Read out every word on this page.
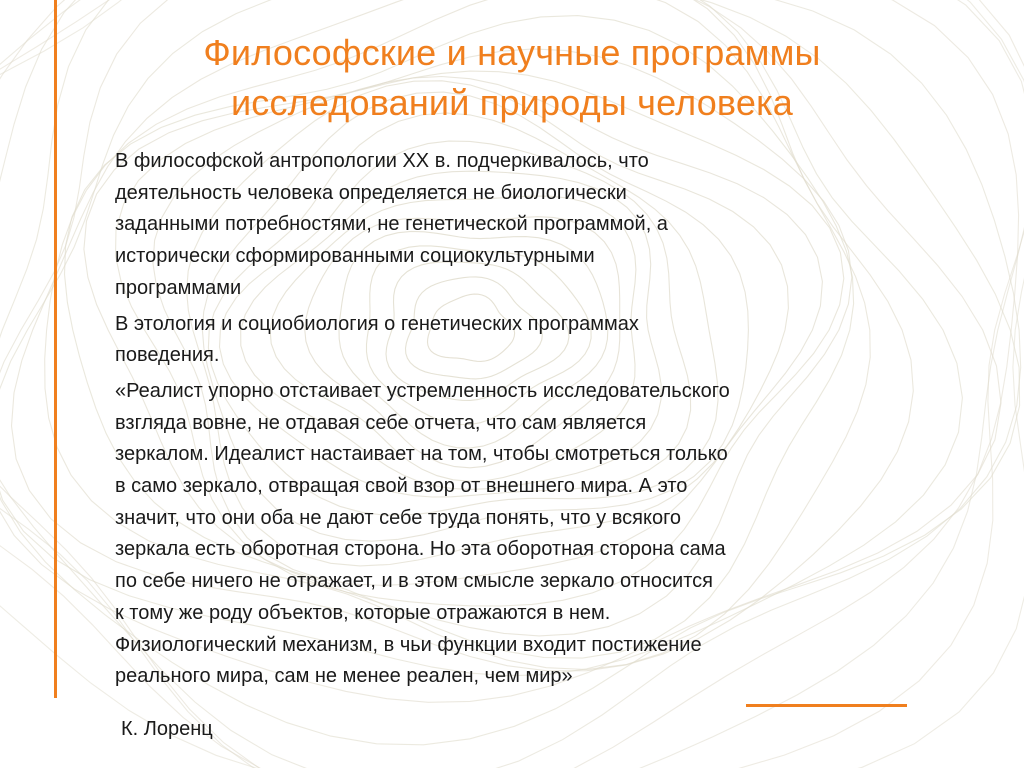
Философские и научные программы
исследований природы человека

В философской антропологии XX в. подчеркивалось, что
деятельность человека определяется не биологически
заданными потребностями, не генетической программой, а
исторически сформированными социокультурными
программами

В этология и социобиология о генетических программах
поведения.

«Реалист упорно отстаивает устремленность исследовательского
взгляда вовне, не отдавая себе отчета, что сам является
зеркалом. Идеалист настаивает на том, чтобы смотреться только
в само зеркало, отвращая свой взор от внешнего мира. А это
значит, что они оба не дают себе труда понять, что у всякого
зеркала есть оборотная сторона. Но эта оборотная сторона сама
по себе ничего не отражает, и в этом смысле зеркало относится
к тому же роду объектов, которые отражаются в нем.
Физиологический механизм, в чьи функции входит постижение
реального мира, сам не менее реален, чем мир»

К. Лоренц
